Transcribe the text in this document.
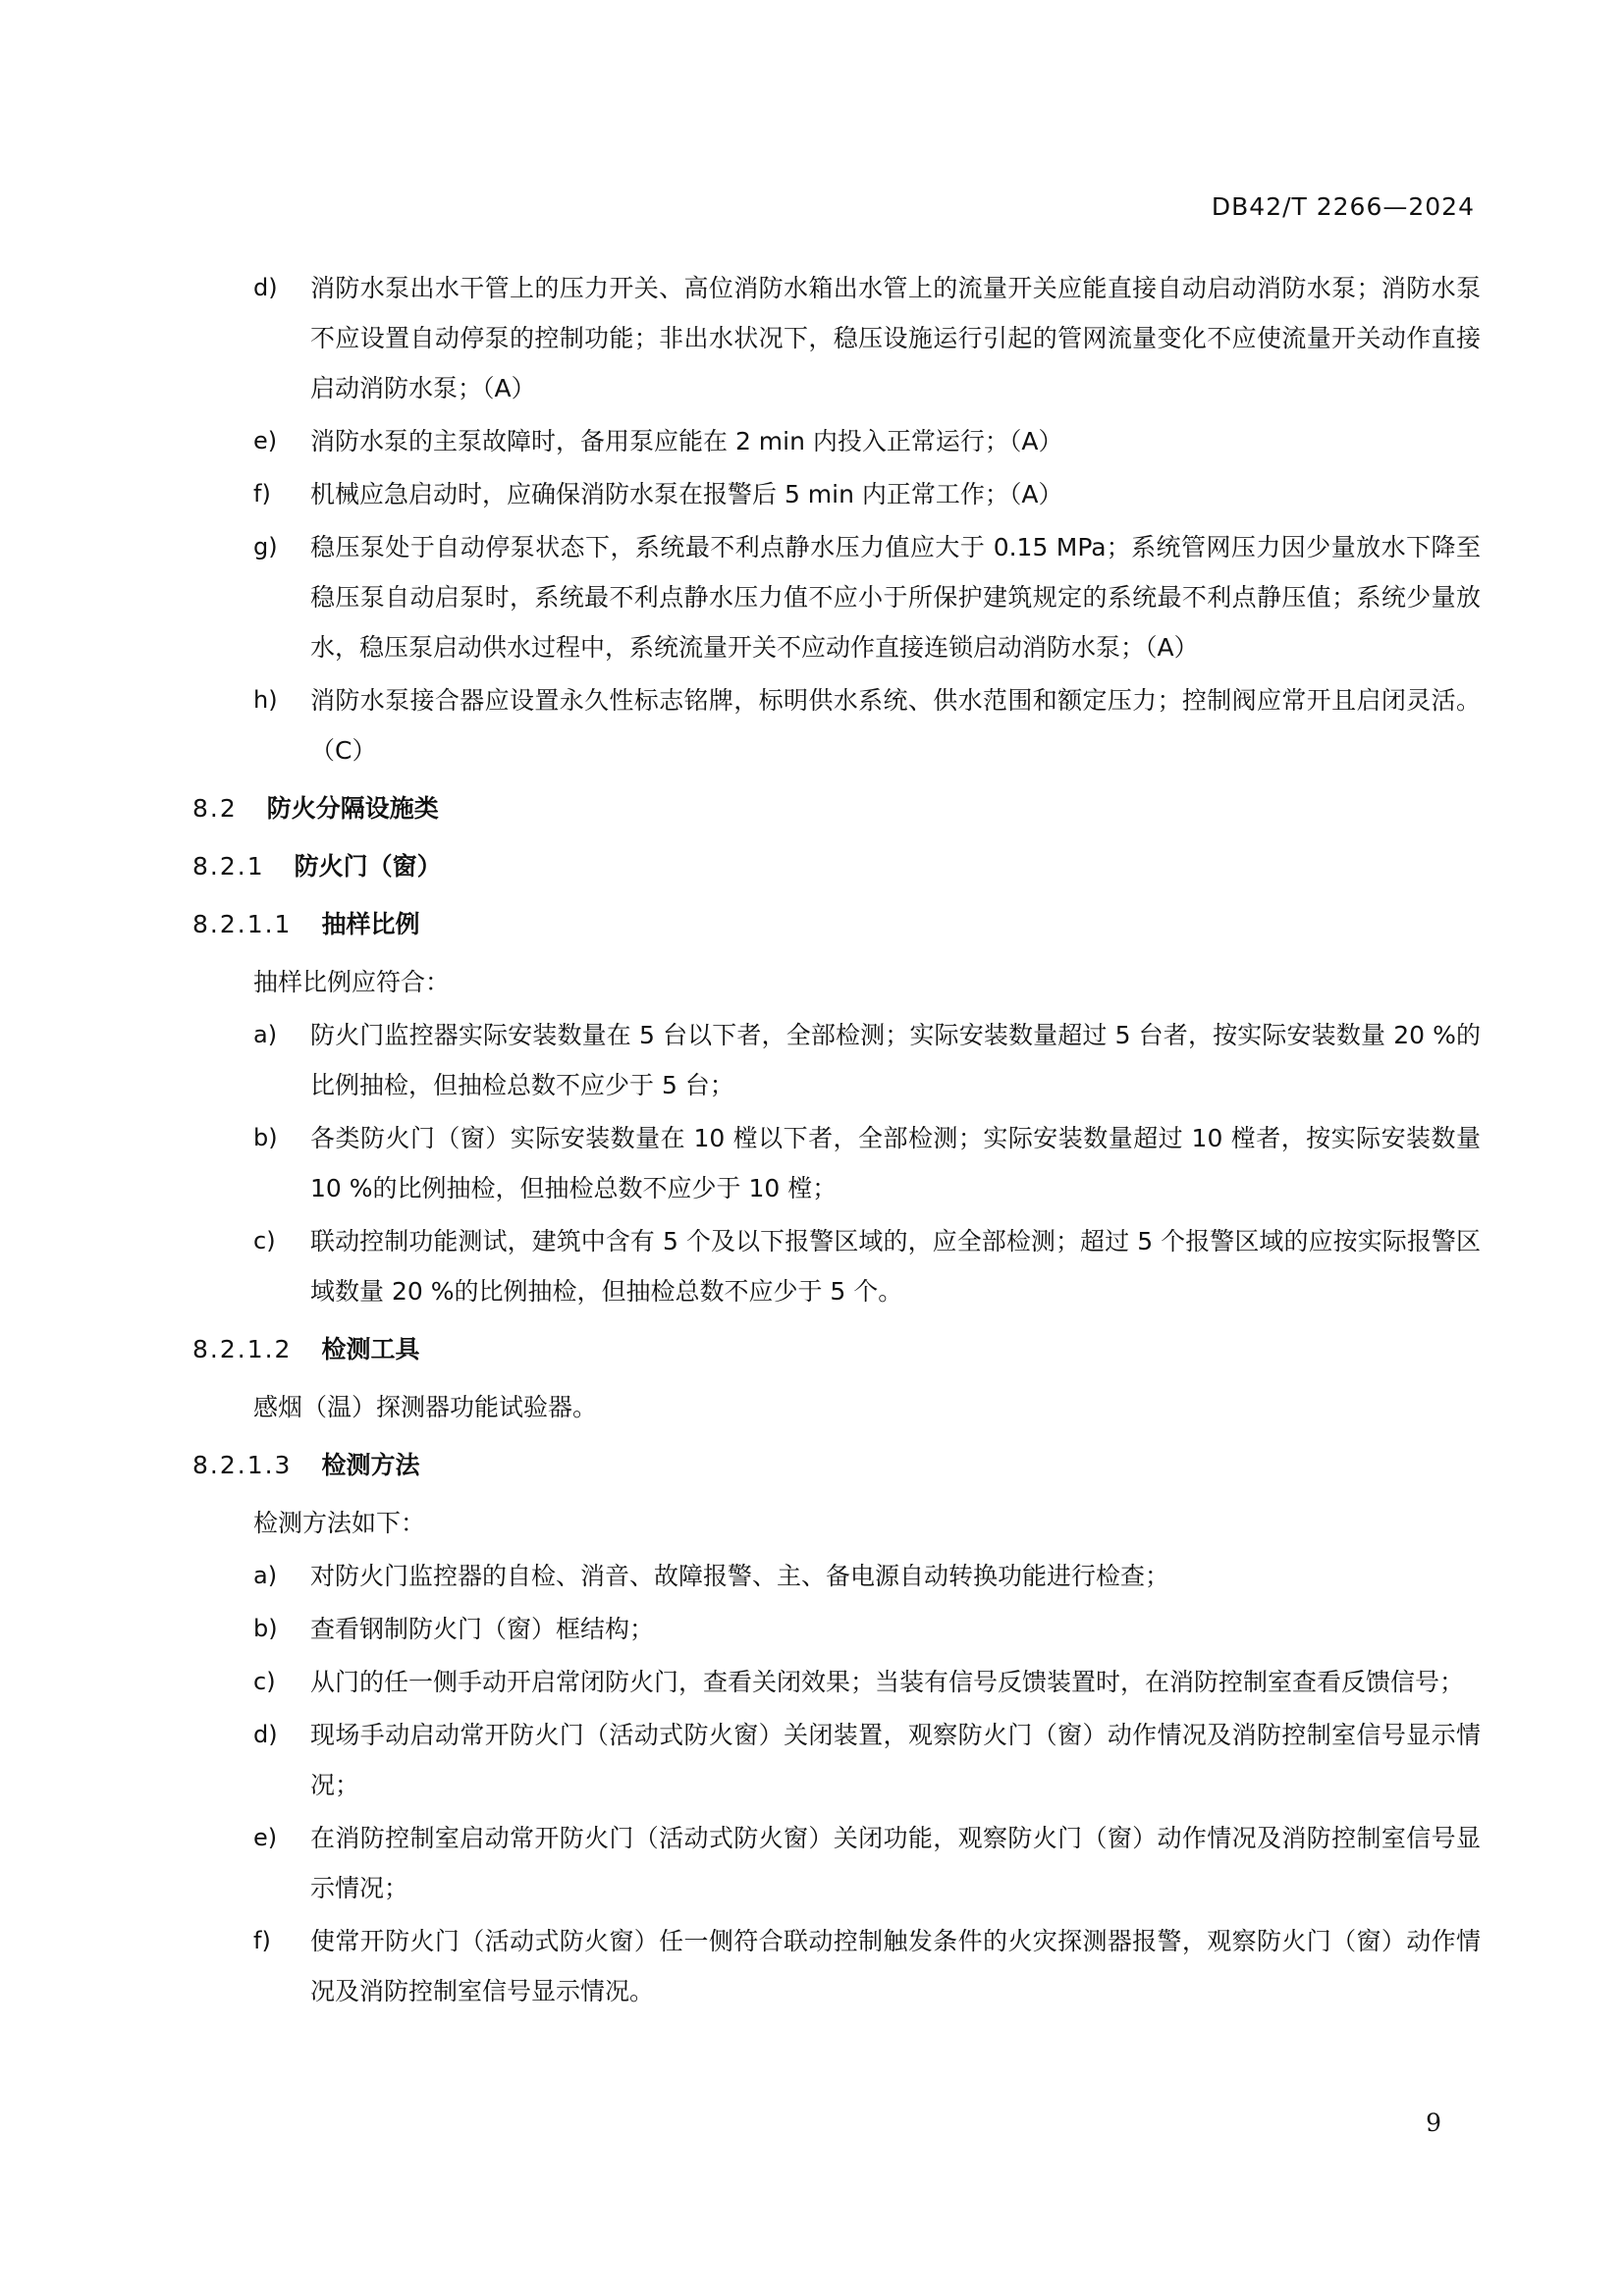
DB42/T 2266—2024
d) 消防水泵出水干管上的压力开关、高位消防水箱出水管上的流量开关应能直接自动启动消防水泵；消防水泵不应设置自动停泵的控制功能；非出水状况下，稳压设施运行引起的管网流量变化不应使流量开关动作直接启动消防水泵；（A）
e) 消防水泵的主泵故障时，备用泵应能在 2 min 内投入正常运行；（A）
f) 机械应急启动时，应确保消防水泵在报警后 5 min 内正常工作；（A）
g) 稳压泵处于自动停泵状态下，系统最不利点静水压力值应大于 0.15 MPa；系统管网压力因少量放水下降至稳压泵自动启泵时，系统最不利点静水压力值不应小于所保护建筑规定的系统最不利点静压值；系统少量放水，稳压泵启动供水过程中，系统流量开关不应动作直接连锁启动消防水泵；（A）
h) 消防水泵接合器应设置永久性标志铭牌，标明供水系统、供水范围和额定压力；控制阀应常开且启闭灵活。（C）
8.2 防火分隔设施类
8.2.1 防火门（窗）
8.2.1.1 抽样比例
抽样比例应符合：
a) 防火门监控器实际安装数量在 5 台以下者，全部检测；实际安装数量超过 5 台者，按实际安装数量 20 %的比例抽检，但抽检总数不应少于 5 台；
b) 各类防火门（窗）实际安装数量在 10 樘以下者，全部检测；实际安装数量超过 10 樘者，按实际安装数量 10 %的比例抽检，但抽检总数不应少于 10 樘；
c) 联动控制功能测试，建筑中含有 5 个及以下报警区域的，应全部检测；超过 5 个报警区域的应按实际报警区域数量 20 %的比例抽检，但抽检总数不应少于 5 个。
8.2.1.2 检测工具
感烟（温）探测器功能试验器。
8.2.1.3 检测方法
检测方法如下：
a) 对防火门监控器的自检、消音、故障报警、主、备电源自动转换功能进行检查；
b) 查看钢制防火门（窗）框结构；
c) 从门的任一侧手动开启常闭防火门，查看关闭效果；当装有信号反馈装置时，在消防控制室查看反馈信号；
d) 现场手动启动常开防火门（活动式防火窗）关闭装置，观察防火门（窗）动作情况及消防控制室信号显示情况；
e) 在消防控制室启动常开防火门（活动式防火窗）关闭功能，观察防火门（窗）动作情况及消防控制室信号显示情况；
f) 使常开防火门（活动式防火窗）任一侧符合联动控制触发条件的火灾探测器报警，观察防火门（窗）动作情况及消防控制室信号显示情况。
9
